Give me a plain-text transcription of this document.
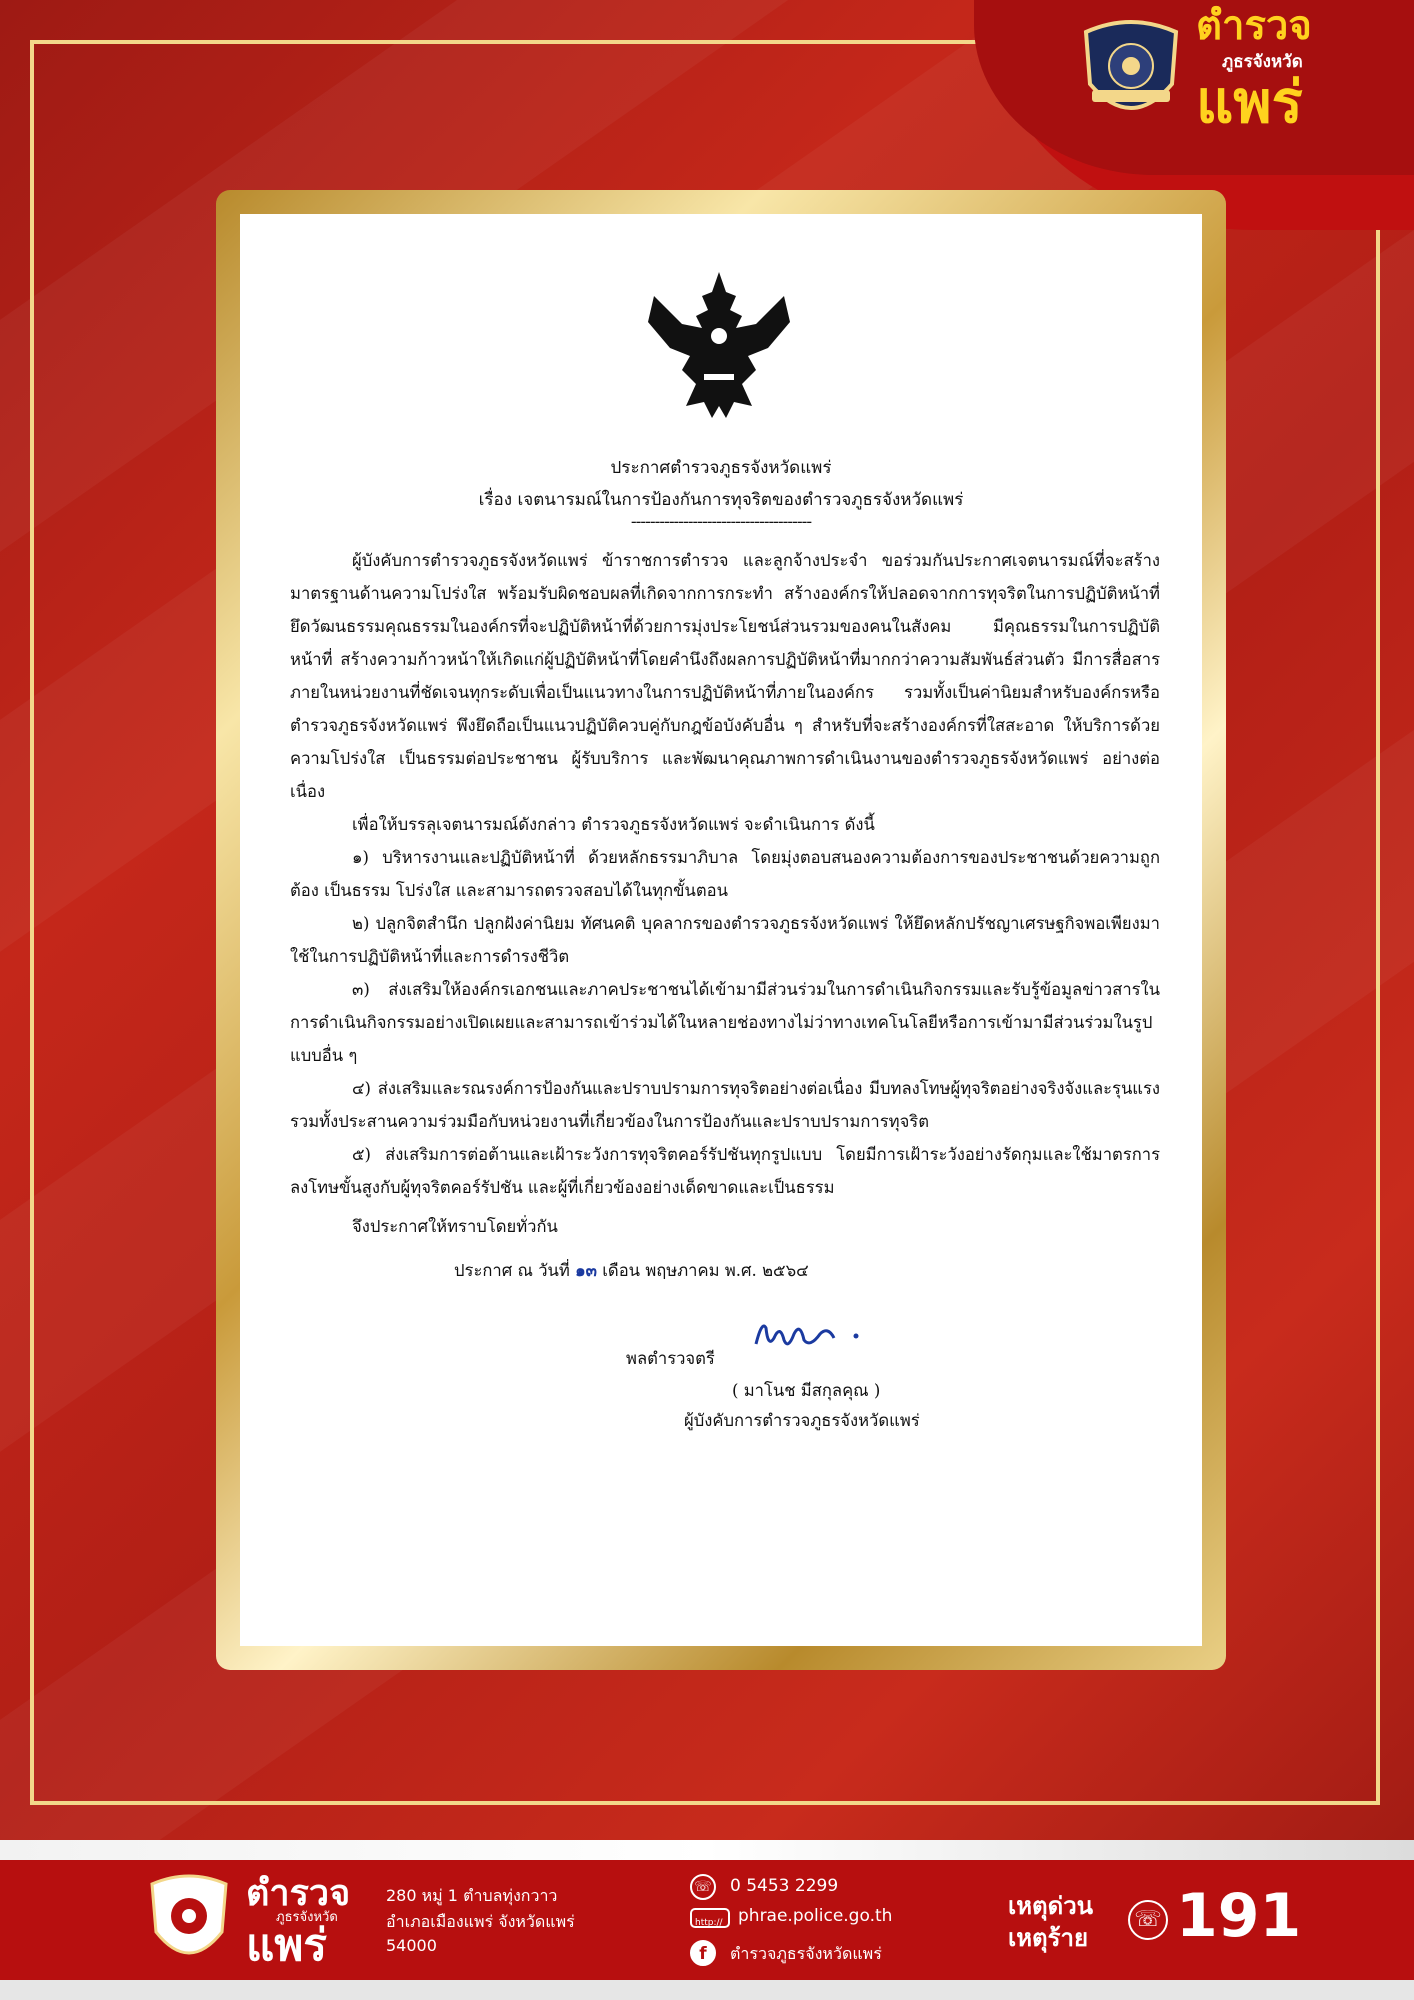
ตำรวจ
ภูธรจังหวัด
แพร่
ประกาศตำรวจภูธรจังหวัดแพร่
เรื่อง เจตนารมณ์ในการป้องกันการทุจริตของตำรวจภูธรจังหวัดแพร่
--------------------------------------

ผู้บังคับการตำรวจภูธรจังหวัดแพร่ ข้าราชการตำรวจ และลูกจ้างประจำ ขอร่วมกันประกาศเจตนารมณ์ที่จะสร้างมาตรฐานด้านความโปร่งใส พร้อมรับผิดชอบผลที่เกิดจากการกระทำ สร้างองค์กรให้ปลอดจากการทุจริตในการปฏิบัติหน้าที่ ยึดวัฒนธรรมคุณธรรมในองค์กรที่จะปฏิบัติหน้าที่ด้วยการมุ่งประโยชน์ส่วนรวมของคนในสังคม มีคุณธรรมในการปฏิบัติหน้าที่ สร้างความก้าวหน้าให้เกิดแก่ผู้ปฏิบัติหน้าที่โดยคำนึงถึงผลการปฏิบัติหน้าที่มากกว่าความสัมพันธ์ส่วนตัว มีการสื่อสารภายในหน่วยงานที่ชัดเจนทุกระดับเพื่อเป็นแนวทางในการปฏิบัติหน้าที่ภายในองค์กร รวมทั้งเป็นค่านิยมสำหรับองค์กรหรือตำรวจภูธรจังหวัดแพร่ พึงยึดถือเป็นแนวปฏิบัติควบคู่กับกฎข้อบังคับอื่น ๆ สำหรับที่จะสร้างองค์กรที่ใสสะอาด ให้บริการด้วยความโปร่งใส เป็นธรรมต่อประชาชน ผู้รับบริการ และพัฒนาคุณภาพการดำเนินงานของตำรวจภูธรจังหวัดแพร่ อย่างต่อเนื่อง

เพื่อให้บรรลุเจตนารมณ์ดังกล่าว ตำรวจภูธรจังหวัดแพร่ จะดำเนินการ ดังนี้

๑) บริหารงานและปฏิบัติหน้าที่ ด้วยหลักธรรมาภิบาล โดยมุ่งตอบสนองความต้องการของประชาชนด้วยความถูกต้อง เป็นธรรม โปร่งใส และสามารถตรวจสอบได้ในทุกขั้นตอน

๒) ปลูกจิตสำนึก ปลูกฝังค่านิยม ทัศนคติ บุคลากรของตำรวจภูธรจังหวัดแพร่ ให้ยึดหลักปรัชญาเศรษฐกิจพอเพียงมาใช้ในการปฏิบัติหน้าที่และการดำรงชีวิต

๓) ส่งเสริมให้องค์กรเอกชนและภาคประชาชนได้เข้ามามีส่วนร่วมในการดำเนินกิจกรรมและรับรู้ข้อมูลข่าวสารในการดำเนินกิจกรรมอย่างเปิดเผยและสามารถเข้าร่วมได้ในหลายช่องทางไม่ว่าทางเทคโนโลยีหรือการเข้ามามีส่วนร่วมในรูปแบบอื่น ๆ

๔) ส่งเสริมและรณรงค์การป้องกันและปราบปรามการทุจริตอย่างต่อเนื่อง มีบทลงโทษผู้ทุจริตอย่างจริงจังและรุนแรง รวมทั้งประสานความร่วมมือกับหน่วยงานที่เกี่ยวข้องในการป้องกันและปราบปรามการทุจริต

๕) ส่งเสริมการต่อต้านและเฝ้าระวังการทุจริตคอร์รัปชันทุกรูปแบบ โดยมีการเฝ้าระวังอย่างรัดกุมและใช้มาตรการลงโทษขั้นสูงกับผู้ทุจริตคอร์รัปชัน และผู้ที่เกี่ยวข้องอย่างเด็ดขาดและเป็นธรรม

จึงประกาศให้ทราบโดยทั่วกัน

ประกาศ ณ วันที่ ๑๓ เดือน พฤษภาคม พ.ศ. ๒๕๖๔
พลตำรวจตรี
( มาโนช มีสกุลคุณ )
ผู้บังคับการตำรวจภูธรจังหวัดแพร่
ตำรวจ
ภูธรจังหวัด
แพร่
280 หมู่ 1 ตำบลทุ่งกวาว
อำเภอเมืองแพร่ จังหวัดแพร่
54000
☏ 0 5453 2299
http:// phrae.police.go.th
f	ตำรวจภูธรจังหวัดแพร่
เหตุด่วน
เหตุร้าย
☏ 191
